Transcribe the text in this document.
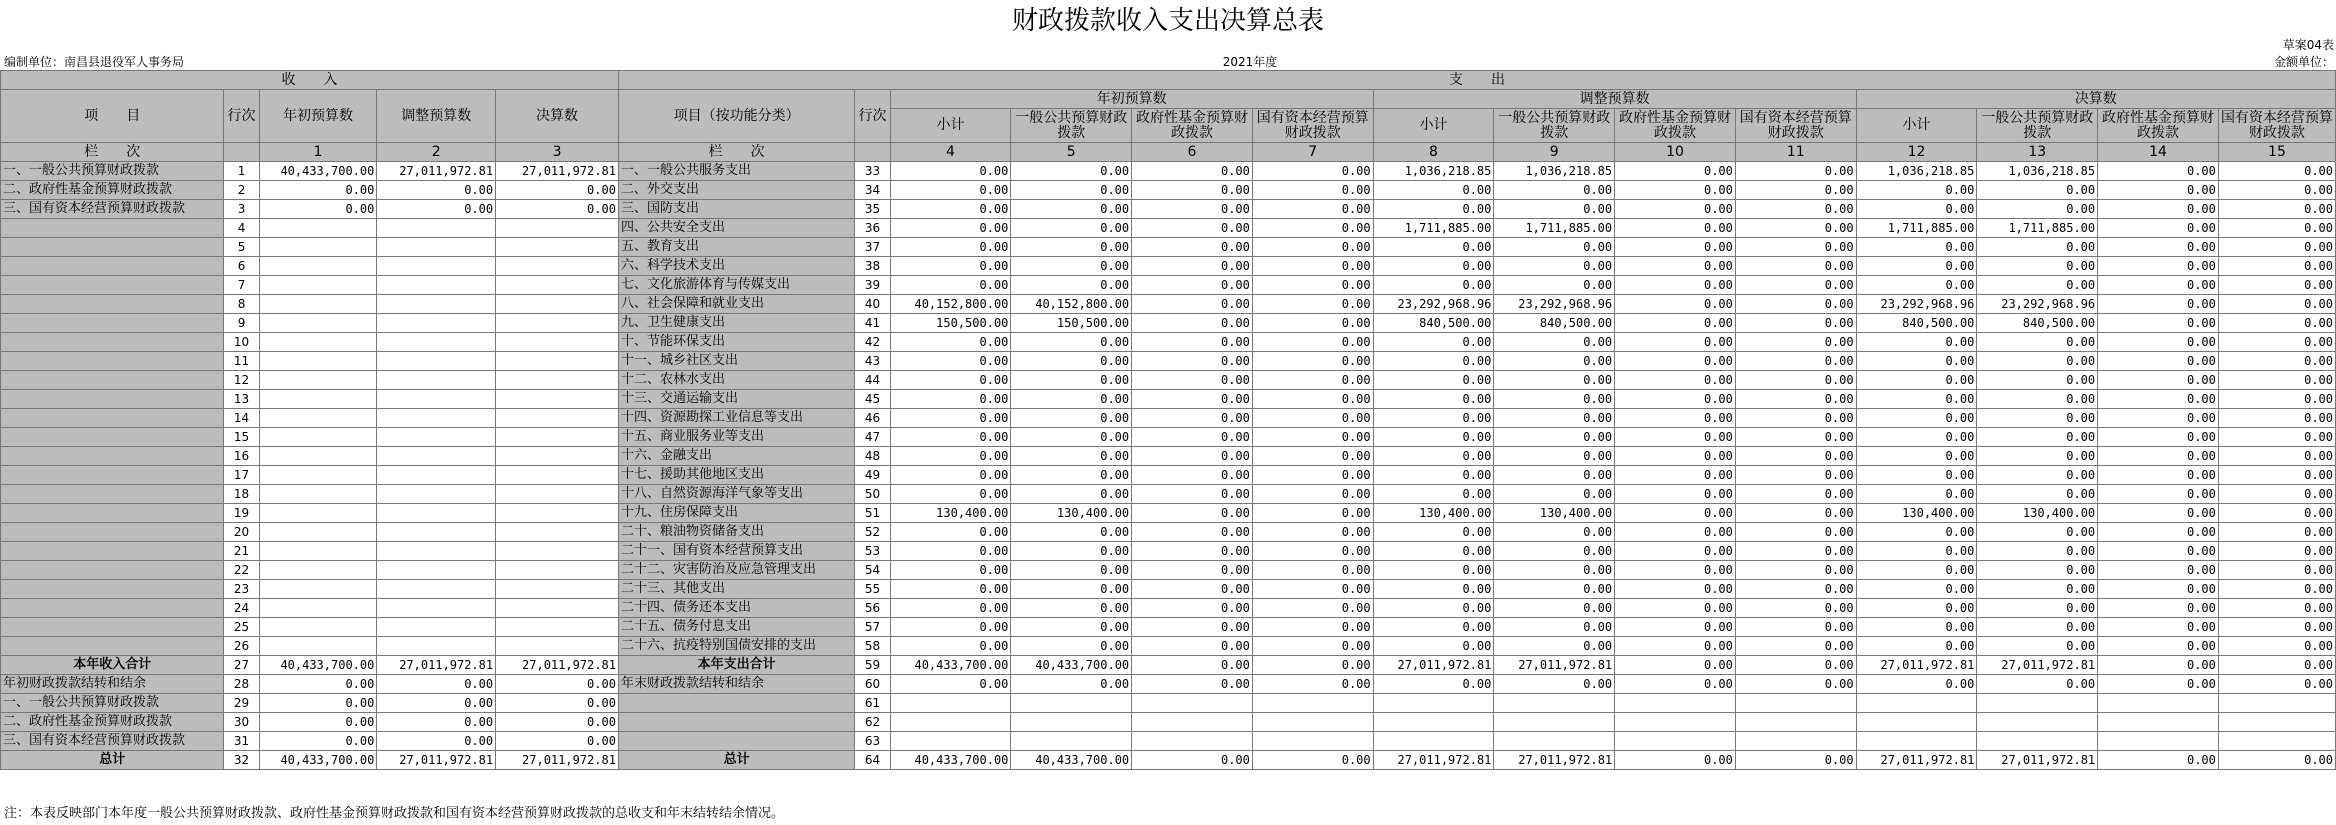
财政拨款收入支出决算总表
草案04表
编制单位：南昌县退役军人事务局	2021年度	金额单位：
收　　入					支　　出													
项　　目	行次	年初预算数	调整预算数	决算数	项目（按功能分类）	行次	年初预算数				调整预算数				决算数			
							小计	一般公共预算财政拨款	政府性基金预算财政拨款	国有资本经营预算财政拨款	小计	一般公共预算财政拨款	政府性基金预算财政拨款	国有资本经营预算财政拨款	小计	一般公共预算财政拨款	政府性基金预算财政拨款	国有资本经营预算财政拨款
栏　　次		1	2	3	栏　　次		4	5	6	7	8	9	10	11	12	13	14	15
一、一般公共预算财政拨款	1	40,433,700.00	27,011,972.81	27,011,972.81	一、一般公共服务支出	33	0.00	0.00	0.00	0.00	1,036,218.85	1,036,218.85	0.00	0.00	1,036,218.85	1,036,218.85	0.00	0.00
二、政府性基金预算财政拨款	2	0.00	0.00	0.00	二、外交支出	34	0.00	0.00	0.00	0.00	0.00	0.00	0.00	0.00	0.00	0.00	0.00	0.00
三、国有资本经营预算财政拨款	3	0.00	0.00	0.00	三、国防支出	35	0.00	0.00	0.00	0.00	0.00	0.00	0.00	0.00	0.00	0.00	0.00	0.00
	4				四、公共安全支出	36	0.00	0.00	0.00	0.00	1,711,885.00	1,711,885.00	0.00	0.00	1,711,885.00	1,711,885.00	0.00	0.00
	5				五、教育支出	37	0.00	0.00	0.00	0.00	0.00	0.00	0.00	0.00	0.00	0.00	0.00	0.00
	6				六、科学技术支出	38	0.00	0.00	0.00	0.00	0.00	0.00	0.00	0.00	0.00	0.00	0.00	0.00
	7				七、文化旅游体育与传媒支出	39	0.00	0.00	0.00	0.00	0.00	0.00	0.00	0.00	0.00	0.00	0.00	0.00
	8				八、社会保障和就业支出	40	40,152,800.00	40,152,800.00	0.00	0.00	23,292,968.96	23,292,968.96	0.00	0.00	23,292,968.96	23,292,968.96	0.00	0.00
	9				九、卫生健康支出	41	150,500.00	150,500.00	0.00	0.00	840,500.00	840,500.00	0.00	0.00	840,500.00	840,500.00	0.00	0.00
	10				十、节能环保支出	42	0.00	0.00	0.00	0.00	0.00	0.00	0.00	0.00	0.00	0.00	0.00	0.00
	11				十一、城乡社区支出	43	0.00	0.00	0.00	0.00	0.00	0.00	0.00	0.00	0.00	0.00	0.00	0.00
	12				十二、农林水支出	44	0.00	0.00	0.00	0.00	0.00	0.00	0.00	0.00	0.00	0.00	0.00	0.00
	13				十三、交通运输支出	45	0.00	0.00	0.00	0.00	0.00	0.00	0.00	0.00	0.00	0.00	0.00	0.00
	14				十四、资源勘探工业信息等支出	46	0.00	0.00	0.00	0.00	0.00	0.00	0.00	0.00	0.00	0.00	0.00	0.00
	15				十五、商业服务业等支出	47	0.00	0.00	0.00	0.00	0.00	0.00	0.00	0.00	0.00	0.00	0.00	0.00
	16				十六、金融支出	48	0.00	0.00	0.00	0.00	0.00	0.00	0.00	0.00	0.00	0.00	0.00	0.00
	17				十七、援助其他地区支出	49	0.00	0.00	0.00	0.00	0.00	0.00	0.00	0.00	0.00	0.00	0.00	0.00
	18				十八、自然资源海洋气象等支出	50	0.00	0.00	0.00	0.00	0.00	0.00	0.00	0.00	0.00	0.00	0.00	0.00
	19				十九、住房保障支出	51	130,400.00	130,400.00	0.00	0.00	130,400.00	130,400.00	0.00	0.00	130,400.00	130,400.00	0.00	0.00
	20				二十、粮油物资储备支出	52	0.00	0.00	0.00	0.00	0.00	0.00	0.00	0.00	0.00	0.00	0.00	0.00
	21				二十一、国有资本经营预算支出	53	0.00	0.00	0.00	0.00	0.00	0.00	0.00	0.00	0.00	0.00	0.00	0.00
	22				二十二、灾害防治及应急管理支出	54	0.00	0.00	0.00	0.00	0.00	0.00	0.00	0.00	0.00	0.00	0.00	0.00
	23				二十三、其他支出	55	0.00	0.00	0.00	0.00	0.00	0.00	0.00	0.00	0.00	0.00	0.00	0.00
	24				二十四、债务还本支出	56	0.00	0.00	0.00	0.00	0.00	0.00	0.00	0.00	0.00	0.00	0.00	0.00
	25				二十五、债务付息支出	57	0.00	0.00	0.00	0.00	0.00	0.00	0.00	0.00	0.00	0.00	0.00	0.00
	26				二十六、抗疫特别国债安排的支出	58	0.00	0.00	0.00	0.00	0.00	0.00	0.00	0.00	0.00	0.00	0.00	0.00
本年收入合计	27	40,433,700.00	27,011,972.81	27,011,972.81	本年支出合计	59	40,433,700.00	40,433,700.00	0.00	0.00	27,011,972.81	27,011,972.81	0.00	0.00	27,011,972.81	27,011,972.81	0.00	0.00
年初财政拨款结转和结余	28	0.00	0.00	0.00	年末财政拨款结转和结余	60	0.00	0.00	0.00	0.00	0.00	0.00	0.00	0.00	0.00	0.00	0.00	0.00
一、一般公共预算财政拨款	29	0.00	0.00	0.00		61												
二、政府性基金预算财政拨款	30	0.00	0.00	0.00		62												
三、国有资本经营预算财政拨款	31	0.00	0.00	0.00		63												
总计	32	40,433,700.00	27,011,972.81	27,011,972.81	总计	64	40,433,700.00	40,433,700.00	0.00	0.00	27,011,972.81	27,011,972.81	0.00	0.00	27,011,972.81	27,011,972.81	0.00	0.00
注：本表反映部门本年度一般公共预算财政拨款、政府性基金预算财政拨款和国有资本经营预算财政拨款的总收支和年末结转结余情况。
